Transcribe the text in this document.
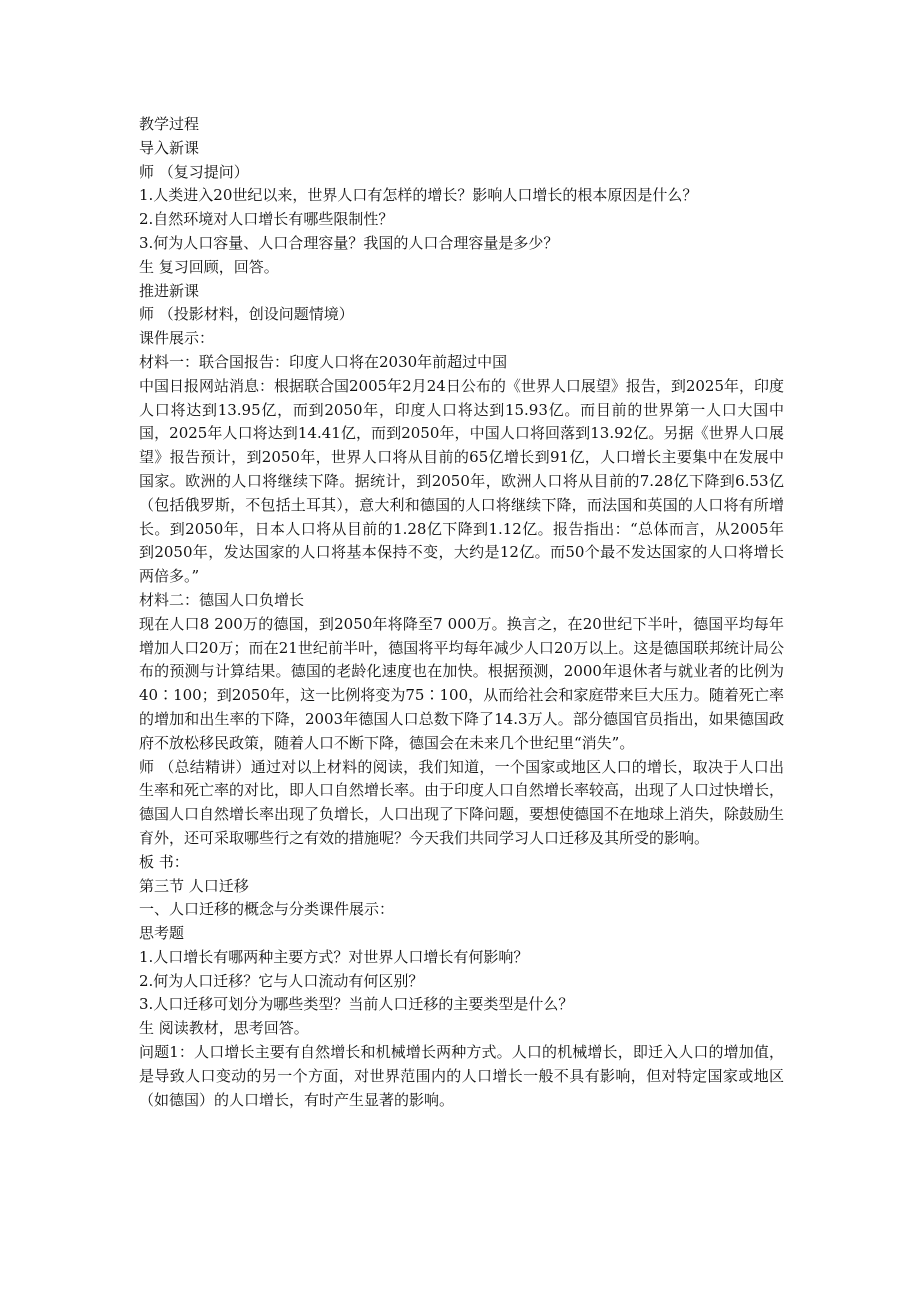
教学过程

导入新课

师 （复习提问）

1.人类进入20世纪以来，世界人口有怎样的增长？影响人口增长的根本原因是什么？

2.自然环境对人口增长有哪些限制性？

3.何为人口容量、人口合理容量？我国的人口合理容量是多少？

生 复习回顾，回答。

推进新课

师 （投影材料，创设问题情境）

课件展示：

材料一：联合国报告：印度人口将在2030年前超过中国

中国日报网站消息：根据联合国2005年2月24日公布的《世界人口展望》报告，到2025年，印度人口将达到13.95亿，而到2050年，印度人口将达到15.93亿。而目前的世界第一人口大国中国，2025年人口将达到14.41亿，而到2050年，中国人口将回落到13.92亿。另据《世界人口展望》报告预计，到2050年，世界人口将从目前的65亿增长到91亿，人口增长主要集中在发展中国家。欧洲的人口将继续下降。据统计，到2050年，欧洲人口将从目前的7.28亿下降到6.53亿（包括俄罗斯，不包括土耳其），意大利和德国的人口将继续下降，而法国和英国的人口将有所增长。到2050年，日本人口将从目前的1.28亿下降到1.12亿。报告指出：“总体而言，从2005年到2050年，发达国家的人口将基本保持不变，大约是12亿。而50个最不发达国家的人口将增长两倍多。”

材料二：德国人口负增长

现在人口8 200万的德国，到2050年将降至7 000万。换言之，在20世纪下半叶，德国平均每年增加人口20万；而在21世纪前半叶，德国将平均每年减少人口20万以上。这是德国联邦统计局公布的预测与计算结果。德国的老龄化速度也在加快。根据预测，2000年退休者与就业者的比例为40∶100；到2050年，这一比例将变为75∶100，从而给社会和家庭带来巨大压力。随着死亡率的增加和出生率的下降，2003年德国人口总数下降了14.3万人。部分德国官员指出，如果德国政府不放松移民政策，随着人口不断下降，德国会在未来几个世纪里“消失”。

师 （总结精讲）通过对以上材料的阅读，我们知道，一个国家或地区人口的增长，取决于人口出生率和死亡率的对比，即人口自然增长率。由于印度人口自然增长率较高，出现了人口过快增长，德国人口自然增长率出现了负增长，人口出现了下降问题，要想使德国不在地球上消失，除鼓励生育外，还可采取哪些行之有效的措施呢？今天我们共同学习人口迁移及其所受的影响。

板 书：

第三节 人口迁移

一、人口迁移的概念与分类课件展示：

思考题

1.人口增长有哪两种主要方式？对世界人口增长有何影响？

2.何为人口迁移？它与人口流动有何区别？

3.人口迁移可划分为哪些类型？当前人口迁移的主要类型是什么？

生 阅读教材，思考回答。

问题1：人口增长主要有自然增长和机械增长两种方式。人口的机械增长，即迁入人口的增加值，是导致人口变动的另一个方面，对世界范围内的人口增长一般不具有影响，但对特定国家或地区（如德国）的人口增长，有时产生显著的影响。
